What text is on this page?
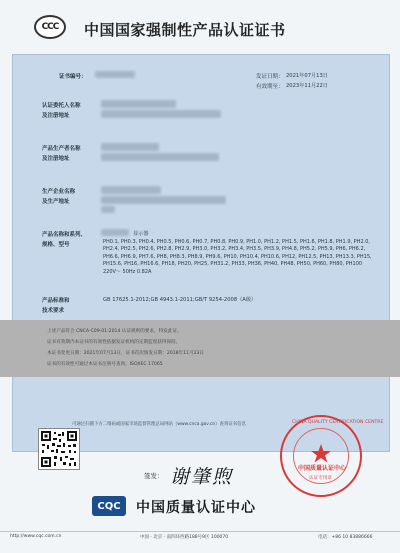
CCC 中国国家强制性产品认证证书
证书编号：	发证日期： 2021年07月13日
有效期至： 2023年11月22日
认证委托人名称
及注册地址
产品生产者名称
及注册地址
生产企业名称
及生产地址
产品名称和系列、
规格、型号
显示器
PH0.1, PH0.3, PH0.4, PH0.5, PH0.6, PH0.7, PH0.8, PH0.9, PH1.0, PH1.2, PH1.5, PH1.6, PH1.8, PH1.9, PH2.0, PH2.4, PH2.5, PH2.6, PH2.8, PH2.9, PH3.0, PH3.2, PH3.4, PH3.5, PH3.9, PH4.8, PH5.2, PH5.9, PH6, PH6.2, PH6.6, PH6.9, PH7.6, PH8, PH8.3, PH8.9, PH9.6, PH10, PH10.4, PH10.6, PH12, PH12.5, PH13, PH13.3, PH15, PH15.6, PH16, PH16.6, PH18, PH20, PH25, PH31.2, PH33, PH36, PH40, PH48, PH50, PH60, PH80, PH100
220V～ 50Hz 0.82A
产品标准和
技术要求
GB 17625.1-2012;GB 4943.1-2011;GB/T 9254-2008（A级）
上述产品符合 CNCA-C09-01:2014 认证规则的要求，特发此证。
证书有效期内本证书的有效性依据发证机构的定期监督获得保持。
本证书变更日期：2021年07月13日，证书首次颁发日期：2018年11月23日
证书的有效性可通过本证书注册号查询。ISO/IEC 17065
可通过扫描下方二维码或国家市场监督管理总局网站（www.cnca.gov.cn）查询证书信息
签发： 谢肇煦
CHINA QUALITY CERTIFICATION CENTRE
中国质量认证中心
认证专用章
CQC 中国质量认证中心
http://www.cqc.com.cn	中国 · 北京 · 南四环西路188号9区 100070	电话：+86 10 83886666
